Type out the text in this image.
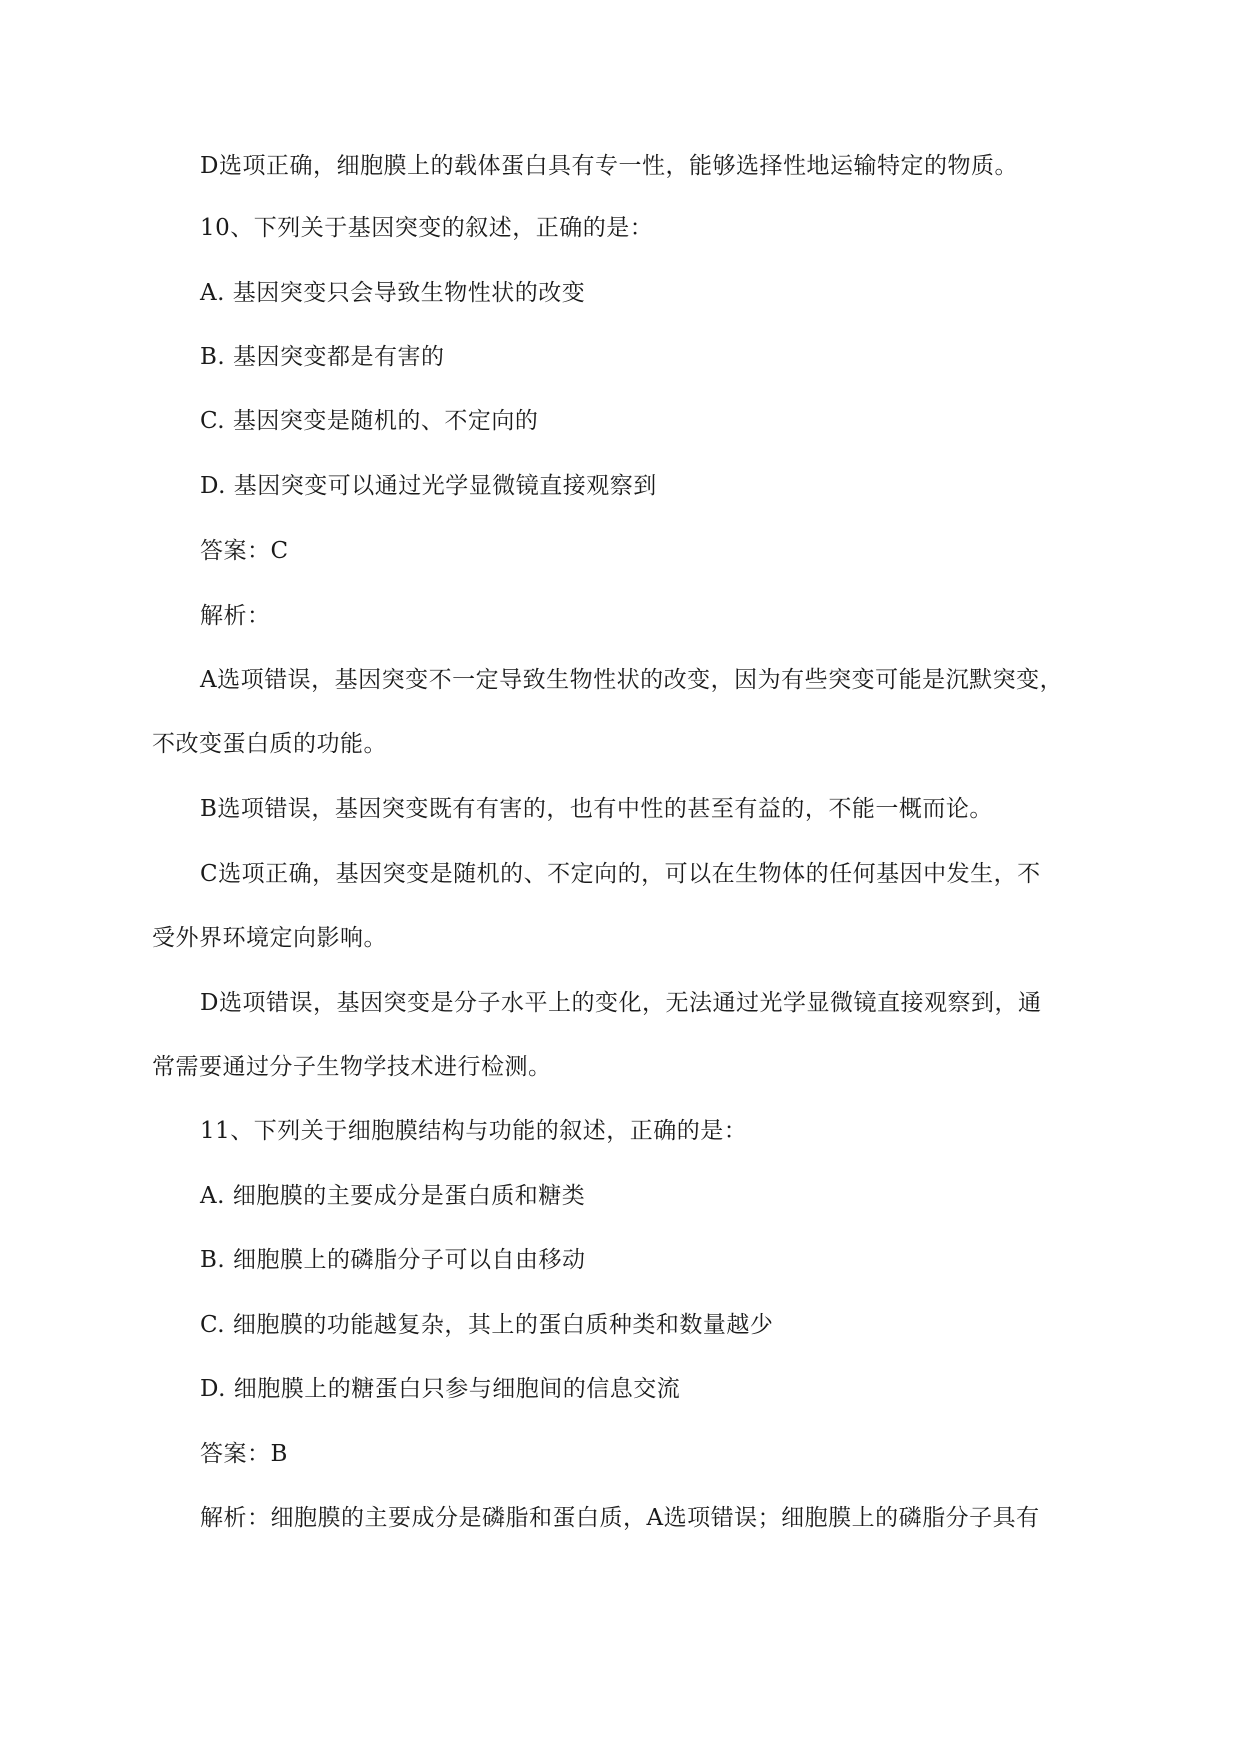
D选项正确，细胞膜上的载体蛋白具有专一性，能够选择性地运输特定的物质。
10、下列关于基因突变的叙述，正确的是：
A. 基因突变只会导致生物性状的改变
B. 基因突变都是有害的
C. 基因突变是随机的、不定向的
D. 基因突变可以通过光学显微镜直接观察到
答案：C
解析：
A选项错误，基因突变不一定导致生物性状的改变，因为有些突变可能是沉默突变，
不改变蛋白质的功能。
B选项错误，基因突变既有有害的，也有中性的甚至有益的，不能一概而论。
C选项正确，基因突变是随机的、不定向的，可以在生物体的任何基因中发生，不
受外界环境定向影响。
D选项错误，基因突变是分子水平上的变化，无法通过光学显微镜直接观察到，通
常需要通过分子生物学技术进行检测。
11、下列关于细胞膜结构与功能的叙述，正确的是：
A. 细胞膜的主要成分是蛋白质和糖类
B. 细胞膜上的磷脂分子可以自由移动
C. 细胞膜的功能越复杂，其上的蛋白质种类和数量越少
D. 细胞膜上的糖蛋白只参与细胞间的信息交流
答案：B
解析：细胞膜的主要成分是磷脂和蛋白质，A选项错误；细胞膜上的磷脂分子具有
